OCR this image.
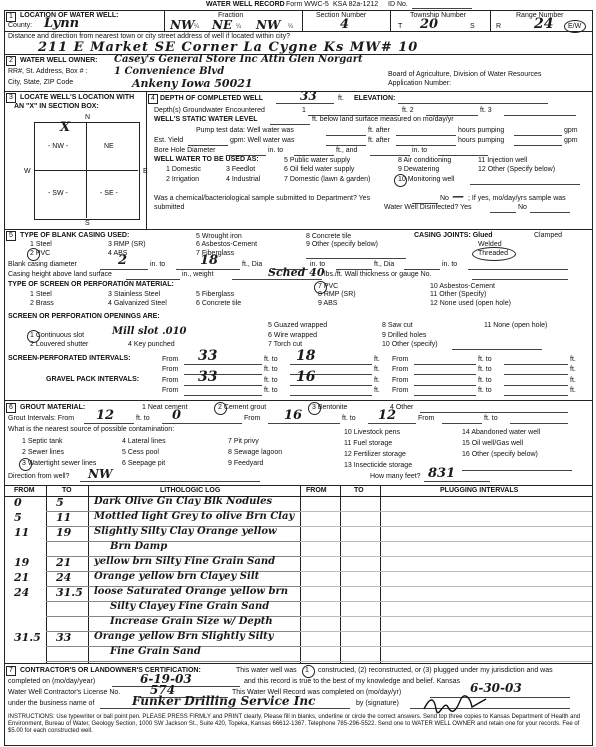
WATER WELL RECORD Form WWC-5 KSA 82a-1212 ID No.
1	LOCATION OF WATER WELL:
County: Lynn
Fraction
NW ¼ NE ¼ NW ¼
Section Number
4
Township Number
T 20	S
Range Number
R 24 E/W
Distance and direction from nearest town or city street address of well if located within city?
211 E Market SE Corner La Cygne Ks MW# 10
2	WATER WELL OWNER: Casey's General Store Inc Attn Glen Norgart
RR#, St. Address, Box # :	1 Convenience Blvd
City, State, ZIP Code	Ankeny Iowa 50021
Board of Agriculture, Division of Water Resources
Application Number:
3	LOCATE WELL'S LOCATION WITH
AN "X" IN SECTION BOX:
N
S
W	E
- NW -	NE
- SW -	- SE -
X
4 DEPTH OF COMPLETED WELL	33	ft. ELEVATION:
Depth(s) Groundwater Encountered	1	ft. 2	ft. 3
WELL'S STATIC WATER LEVEL	ft. below land surface measured on mo/day/yr
Pump test data: Well water was	ft. after	hours pumping	gpm
Est. Yield	gpm: Well water was	ft. after	hours pumping	gpm
Bore Hole Diameter	in. to	ft., and	in. to
WELL WATER TO BE USED AS:
1 Domestic
2 Irrigation
3 Feedlot
4 Industrial
5 Public water supply
6 Oil field water supply
7 Domestic (lawn & garden)
8 Air conditioning
9 Dewatering
10 Monitoring well
11 Injection well
12 Other (Specify below)
Was a chemical/bacteriological sample submitted to Department? Yes	No — ; If yes, mo/day/yrs sample was
submitted	Water Well Disinfected? Yes	No
5	TYPE OF BLANK CASING USED:
1 Steel
2 PVC
3 RMP (SR)
4 ABS
5 Wrought iron
6 Asbestos-Cement
7 Fiberglass
8 Concrete tile
9 Other (specify below)
CASING JOINTS: Glued	Clamped
Welded
Threaded
Blank casing diameter	2	in. to	18	ft., Dia	in. to	ft., Dia	in. to
Casing height above land surface	in., weight	Sched 40 lbs./ft. Wall thickness or gauge No.
TYPE OF SCREEN OR PERFORATION MATERIAL:
1 Steel
2 Brass
3 Stainless Steel
4 Galvanized Steel
5 Fiberglass
6 Concrete tile
7 PVC
8 RMP (SR)
9 ABS
10 Asbestos-Cement
11 Other (Specify)
12 None used (open hole)
SCREEN OR PERFORATION OPENINGS ARE:
1 Continuous slot
2 Louvered shutter
Mill slot .010
4 Key punched
5 Guazed wrapped
6 Wire wrapped
7 Torch cut
8 Saw cut
9 Drilled holes
10 Other (specify)
11 None (open hole)
SCREEN-PERFORATED INTERVALS:	From 33	ft. to 18	ft. From	ft. to	ft.
From	ft. to	ft. From	ft. to	ft.
GRAVEL PACK INTERVALS:	From 33	ft. to 16	ft. From	ft. to	ft.
From	ft. to	ft. From	ft. to	ft.
6	GROUT MATERIAL:	1 Neat cement	2 Cement grout	3 Bentonite	4 Other
Grout Intervals: From 12	ft. to 0	From 16	ft. to 12	From	ft. to
What is the nearest source of possible contamination:
1 Septic tank
2 Sewer lines
3 Watertight sewer lines
4 Lateral lines
5 Cess pool
6 Seepage pit
7 Pit privy
8 Sewage lagoon
9 Feedyard
10 Livestock pens
11 Fuel storage
12 Fertilizer storage
13 Insecticide storage
14 Abandoned water well
15 Oil well/Gas well
16 Other (specify below)
Direction from well? NW	How many feet? 831
FROM	TO	LITHOLOGIC LOG	FROM	TO	PLUGGING INTERVALS
0	5	Dark Olive Gn Clay Blk Nodules
5	11 Mottled light Grey to olive Brn Clay
11 19 Slightly Silty Clay Orange yellow
Brn Damp
19 21 yellow brn Silty Fine Grain Sand
21 24 Orange yellow brn Clayey Silt
24 31.5 loose Saturated Orange yellow brn
Silty Clayey Fine Grain Sand
Increase Grain Size w/ Depth
31.5 33 Orange yellow Brn Slightly Silty
Fine Grain Sand
7	CONTRACTOR'S OR LANDOWNER'S CERTIFICATION:	This water well was 1 constructed, (2) reconstructed, or (3) plugged under my jurisdiction and was
completed on (mo/day/year)	6-19-03	and this record is true to the best of my knowledge and belief. Kansas
Water Well Contractor's License No. 574	This Water Well Record was completed on (mo/day/yr)	6-30-03
under the business name of	Funker Drilling Service Inc	by (signature)
INSTRUCTIONS: Use typewriter or ball point pen. PLEASE PRESS FIRMLY and PRINT clearly. Please fill in blanks, underline or circle the correct answers. Send top three copies to Kansas Department of Health and Environment, Bureau of Water, Geology Section, 1000 SW Jackson St., Suite 420, Topeka, Kansas 66612-1367. Telephone 785-296-5522. Send one to WATER WELL OWNER and retain one for your records. Fee of $5.00 for each constructed well.
